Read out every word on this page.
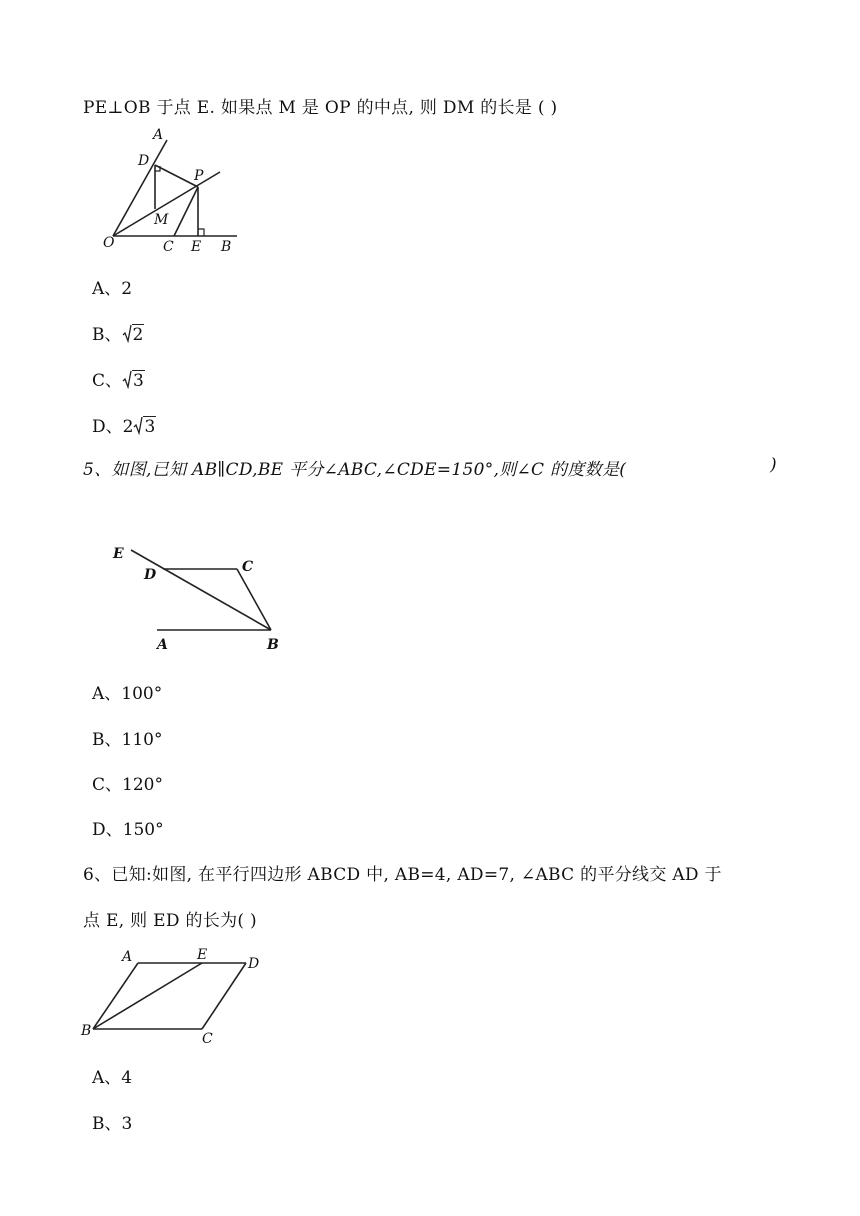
PE⊥OB 于点 E. 如果点 M 是 OP 的中点, 则 DM 的长是 ( )
A
D
P
M
O	C E B
A、2
B、 2
C、 3
D、2 3
5、如图,已知 AB∥CD,BE 平分∠ABC,∠CDE=150°,则∠C 的度数是(	)
E
D	C
A	B
A、100°
B、110°
C、120°
D、150°
6、已知:如图, 在平行四边形 ABCD 中, AB=4, AD=7, ∠ABC 的平分线交 AD 于
点 E, 则 ED 的长为( )
A	E
D
B	C
A、4
B、3
